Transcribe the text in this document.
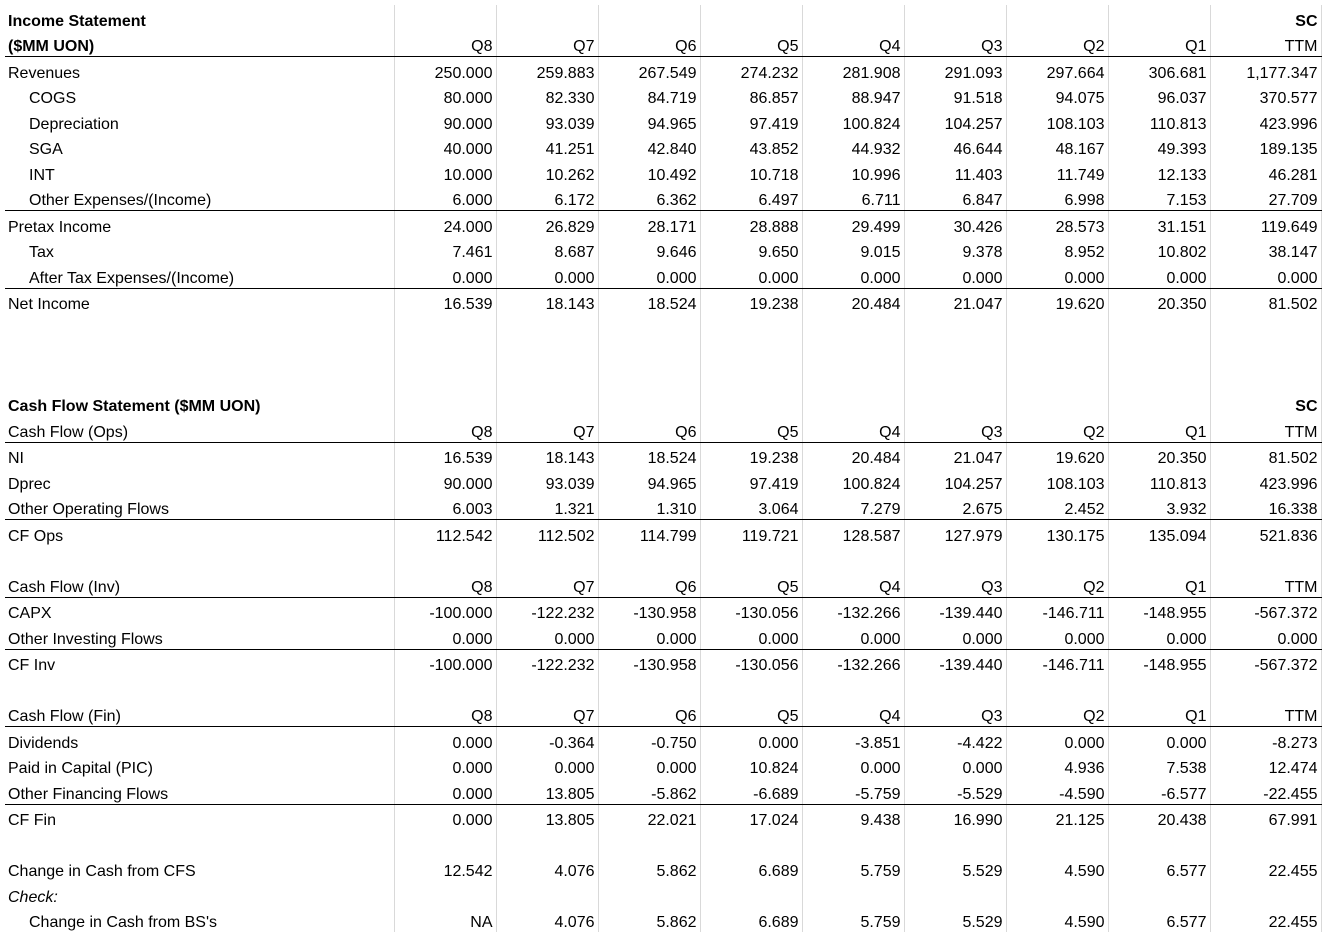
Income Statement									SC
($MM UON)	Q8	Q7	Q6	Q5	Q4	Q3	Q2	Q1	TTM
Revenues	250.000	259.883	267.549	274.232	281.908	291.093	297.664	306.681	1,177.347
COGS	80.000	82.330	84.719	86.857	88.947	91.518	94.075	96.037	370.577
Depreciation	90.000	93.039	94.965	97.419	100.824	104.257	108.103	110.813	423.996
SGA	40.000	41.251	42.840	43.852	44.932	46.644	48.167	49.393	189.135
INT	10.000	10.262	10.492	10.718	10.996	11.403	11.749	12.133	46.281
Other Expenses/(Income)	6.000	6.172	6.362	6.497	6.711	6.847	6.998	7.153	27.709
Pretax Income	24.000	26.829	28.171	28.888	29.499	30.426	28.573	31.151	119.649
Tax	7.461	8.687	9.646	9.650	9.015	9.378	8.952	10.802	38.147
After Tax Expenses/(Income)	0.000	0.000	0.000	0.000	0.000	0.000	0.000	0.000	0.000
Net Income	16.539	18.143	18.524	19.238	20.484	21.047	19.620	20.350	81.502

Cash Flow Statement ($MM UON)									SC
Cash Flow (Ops)	Q8	Q7	Q6	Q5	Q4	Q3	Q2	Q1	TTM
NI	16.539	18.143	18.524	19.238	20.484	21.047	19.620	20.350	81.502
Dprec	90.000	93.039	94.965	97.419	100.824	104.257	108.103	110.813	423.996
Other Operating Flows	6.003	1.321	1.310	3.064	7.279	2.675	2.452	3.932	16.338
CF Ops	112.542	112.502	114.799	119.721	128.587	127.979	130.175	135.094	521.836

Cash Flow (Inv)	Q8	Q7	Q6	Q5	Q4	Q3	Q2	Q1	TTM
CAPX	-100.000	-122.232	-130.958	-130.056	-132.266	-139.440	-146.711	-148.955	-567.372
Other Investing Flows	0.000	0.000	0.000	0.000	0.000	0.000	0.000	0.000	0.000
CF Inv	-100.000	-122.232	-130.958	-130.056	-132.266	-139.440	-146.711	-148.955	-567.372

Cash Flow (Fin)	Q8	Q7	Q6	Q5	Q4	Q3	Q2	Q1	TTM
Dividends	0.000	-0.364	-0.750	0.000	-3.851	-4.422	0.000	0.000	-8.273
Paid in Capital (PIC)	0.000	0.000	0.000	10.824	0.000	0.000	4.936	7.538	12.474
Other Financing Flows	0.000	13.805	-5.862	-6.689	-5.759	-5.529	-4.590	-6.577	-22.455
CF Fin	0.000	13.805	22.021	17.024	9.438	16.990	21.125	20.438	67.991

Change in Cash from CFS	12.542	4.076	5.862	6.689	5.759	5.529	4.590	6.577	22.455
Check:									
Change in Cash from BS's	NA	4.076	5.862	6.689	5.759	5.529	4.590	6.577	22.455
